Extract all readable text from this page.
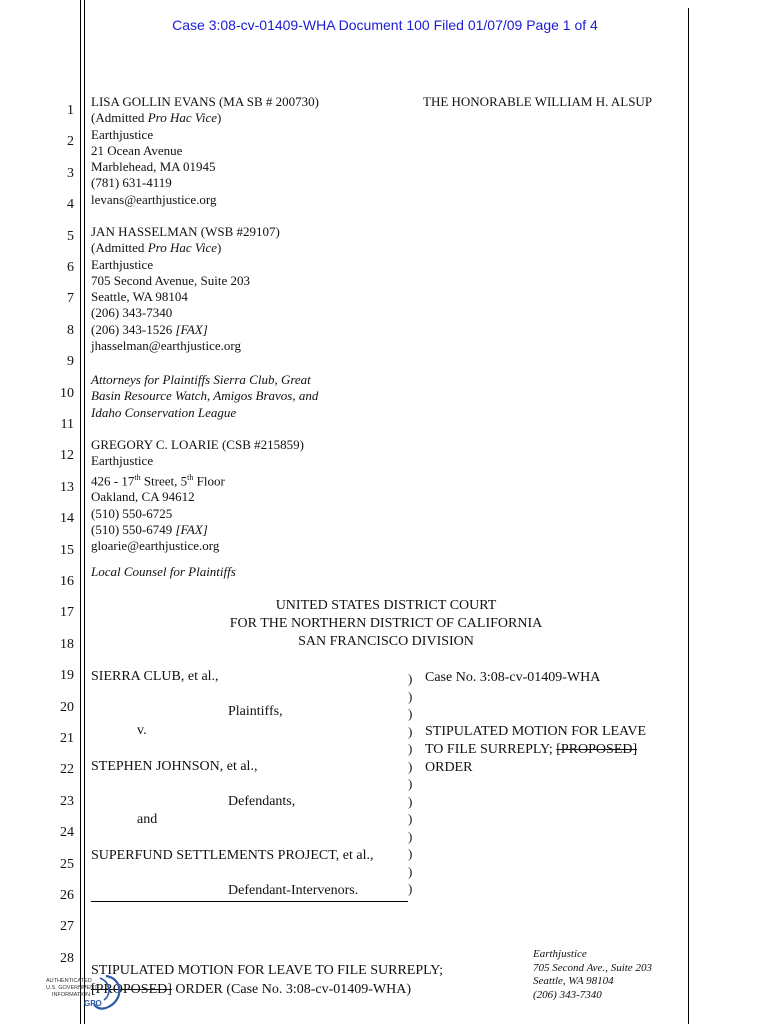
Case 3:08-cv-01409-WHA Document 100 Filed 01/07/09 Page 1 of 4
1
2
3
4
5
6
7
8
9
10
11
12
13
14
15
16
17
18
19
20
21
22
23
24
25
26
27
28
LISA GOLLIN EVANS (MA SB # 200730)
(Admitted Pro Hac Vice)
Earthjustice
21 Ocean Avenue
Marblehead, MA 01945
(781) 631-4119
levans@earthjustice.org
THE HONORABLE WILLIAM H. ALSUP
JAN HASSELMAN (WSB #29107)
(Admitted Pro Hac Vice)
Earthjustice
705 Second Avenue, Suite 203
Seattle, WA 98104
(206) 343-7340
(206) 343-1526 [FAX]
jhasselman@earthjustice.org
Attorneys for Plaintiffs Sierra Club, Great
Basin Resource Watch, Amigos Bravos, and
Idaho Conservation League
GREGORY C. LOARIE (CSB #215859)
Earthjustice
426 - 17th Street, 5th Floor
Oakland, CA 94612
(510) 550-6725
(510) 550-6749 [FAX]
gloarie@earthjustice.org
Local Counsel for Plaintiffs
UNITED STATES DISTRICT COURT
FOR THE NORTHERN DISTRICT OF CALIFORNIA
SAN FRANCISCO DIVISION
SIERRA CLUB, et al.,
Plaintiffs,
v.
STEPHEN JOHNSON, et al.,
Defendants,
and
SUPERFUND SETTLEMENTS PROJECT, et al.,
Defendant-Intervenors.
)
)
)
)
)
)
)
)
)
)
)
)
)
Case No. 3:08-cv-01409-WHA
STIPULATED MOTION FOR LEAVE
TO FILE SURREPLY; [PROPOSED]
ORDER
STIPULATED MOTION FOR LEAVE TO FILE SURREPLY;
[PROPOSED] ORDER (Case No. 3:08-cv-01409-WHA)
Earthjustice
705 Second Ave., Suite 203
Seattle, WA 98104
(206) 343-7340
AUTHENTICATED
U.S. GOVERNMENT
INFORMATION
GPO
